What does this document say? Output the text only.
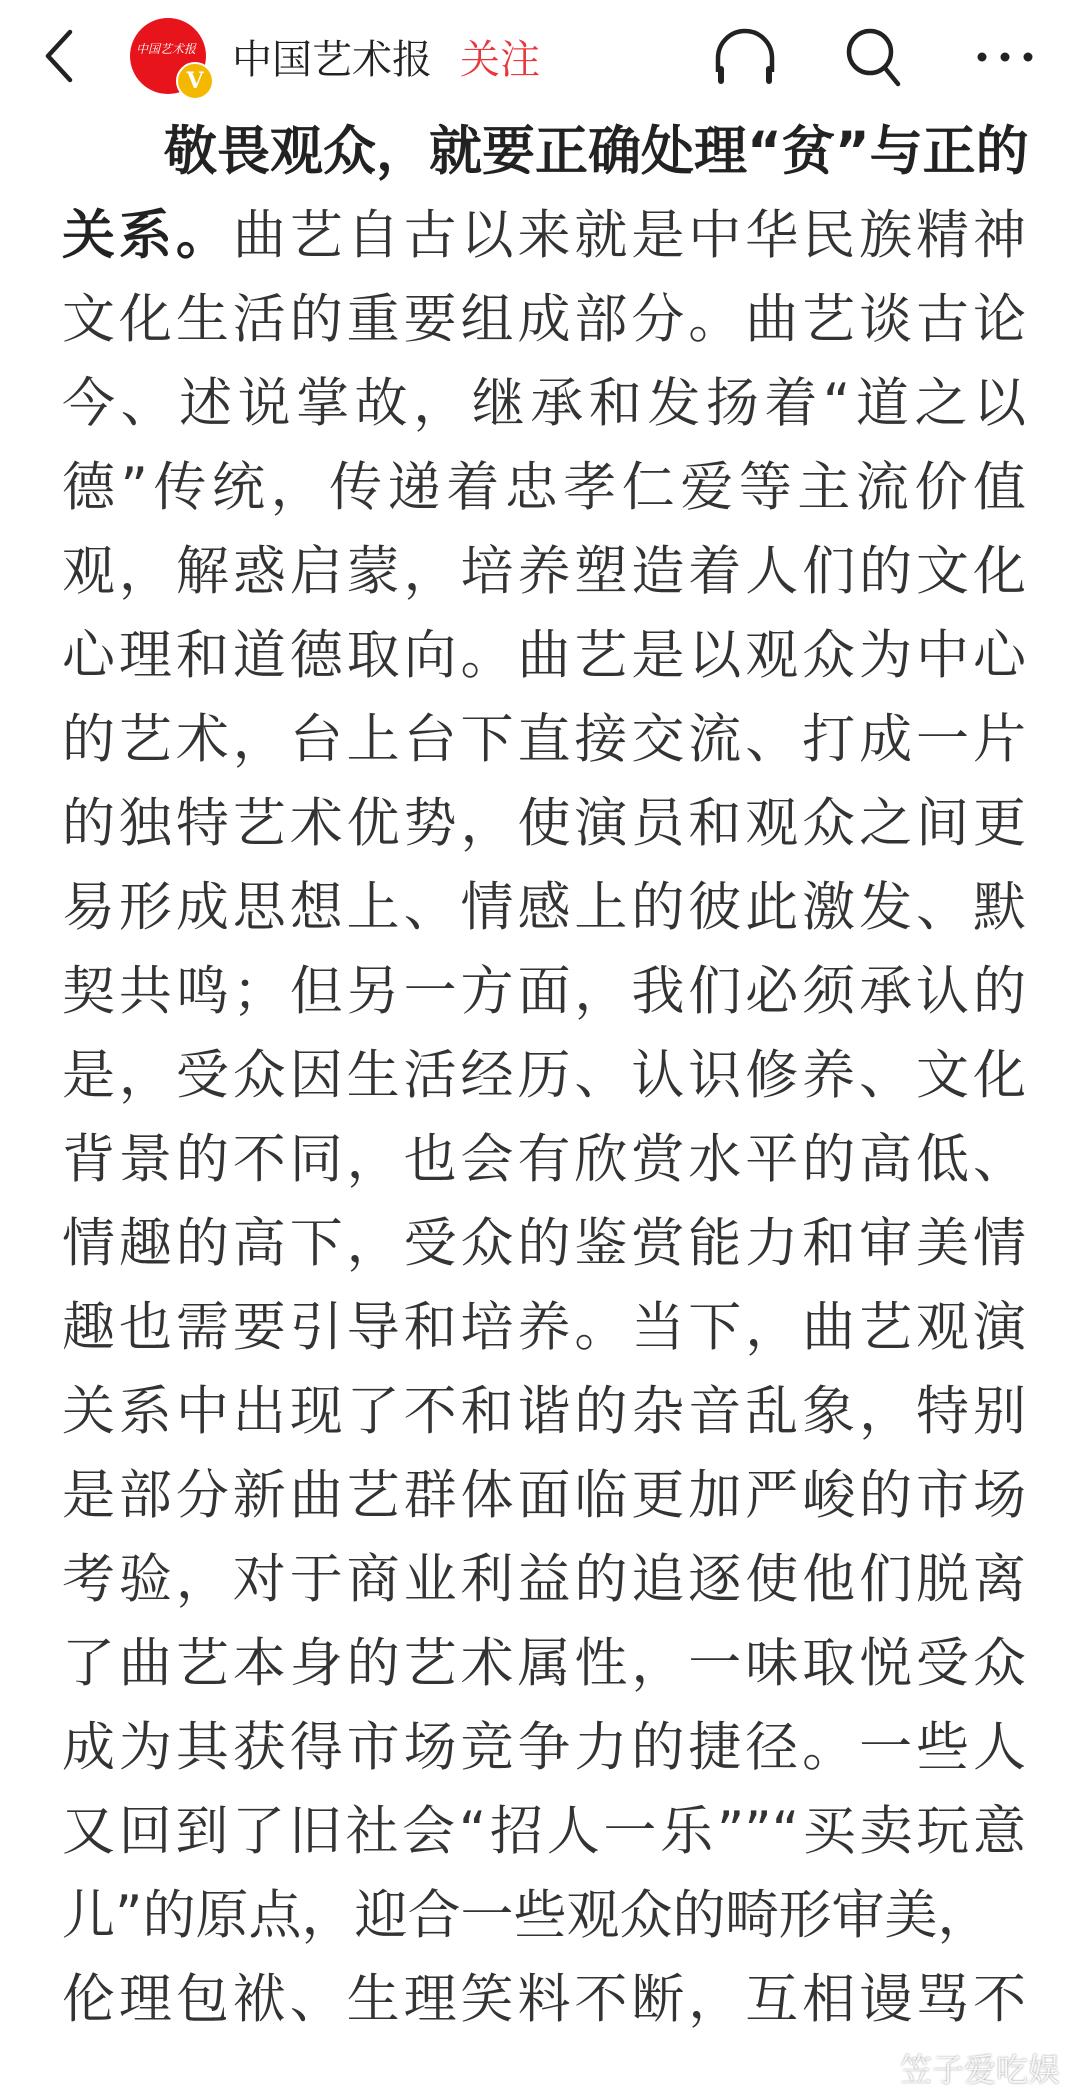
中国艺术报
V 中国艺术报 关注
敬畏观众，就要正确处理“贫”与正的
关系。曲艺自古以来就是中华民族精神
文化生活的重要组成部分。曲艺谈古论
今、述说掌故，继承和发扬着“道之以
德”传统，传递着忠孝仁爱等主流价值
观，解惑启蒙，培养塑造着人们的文化
心理和道德取向。曲艺是以观众为中心
的艺术，台上台下直接交流、打成一片
的独特艺术优势，使演员和观众之间更
易形成思想上、情感上的彼此激发、默
契共鸣；但另一方面，我们必须承认的
是，受众因生活经历、认识修养、文化
背景的不同，也会有欣赏水平的高低、
情趣的高下，受众的鉴赏能力和审美情
趣也需要引导和培养。当下，曲艺观演
关系中出现了不和谐的杂音乱象，特别
是部分新曲艺群体面临更加严峻的市场
考验，对于商业利益的追逐使他们脱离
了曲艺本身的艺术属性，一味取悦受众
成为其获得市场竞争力的捷径。一些人
又回到了旧社会“招人一乐””“买卖玩意
儿”的原点，迎合一些观众的畸形审美，
伦理包袱、生理笑料不断，互相谩骂不
笠子爱吃娱
